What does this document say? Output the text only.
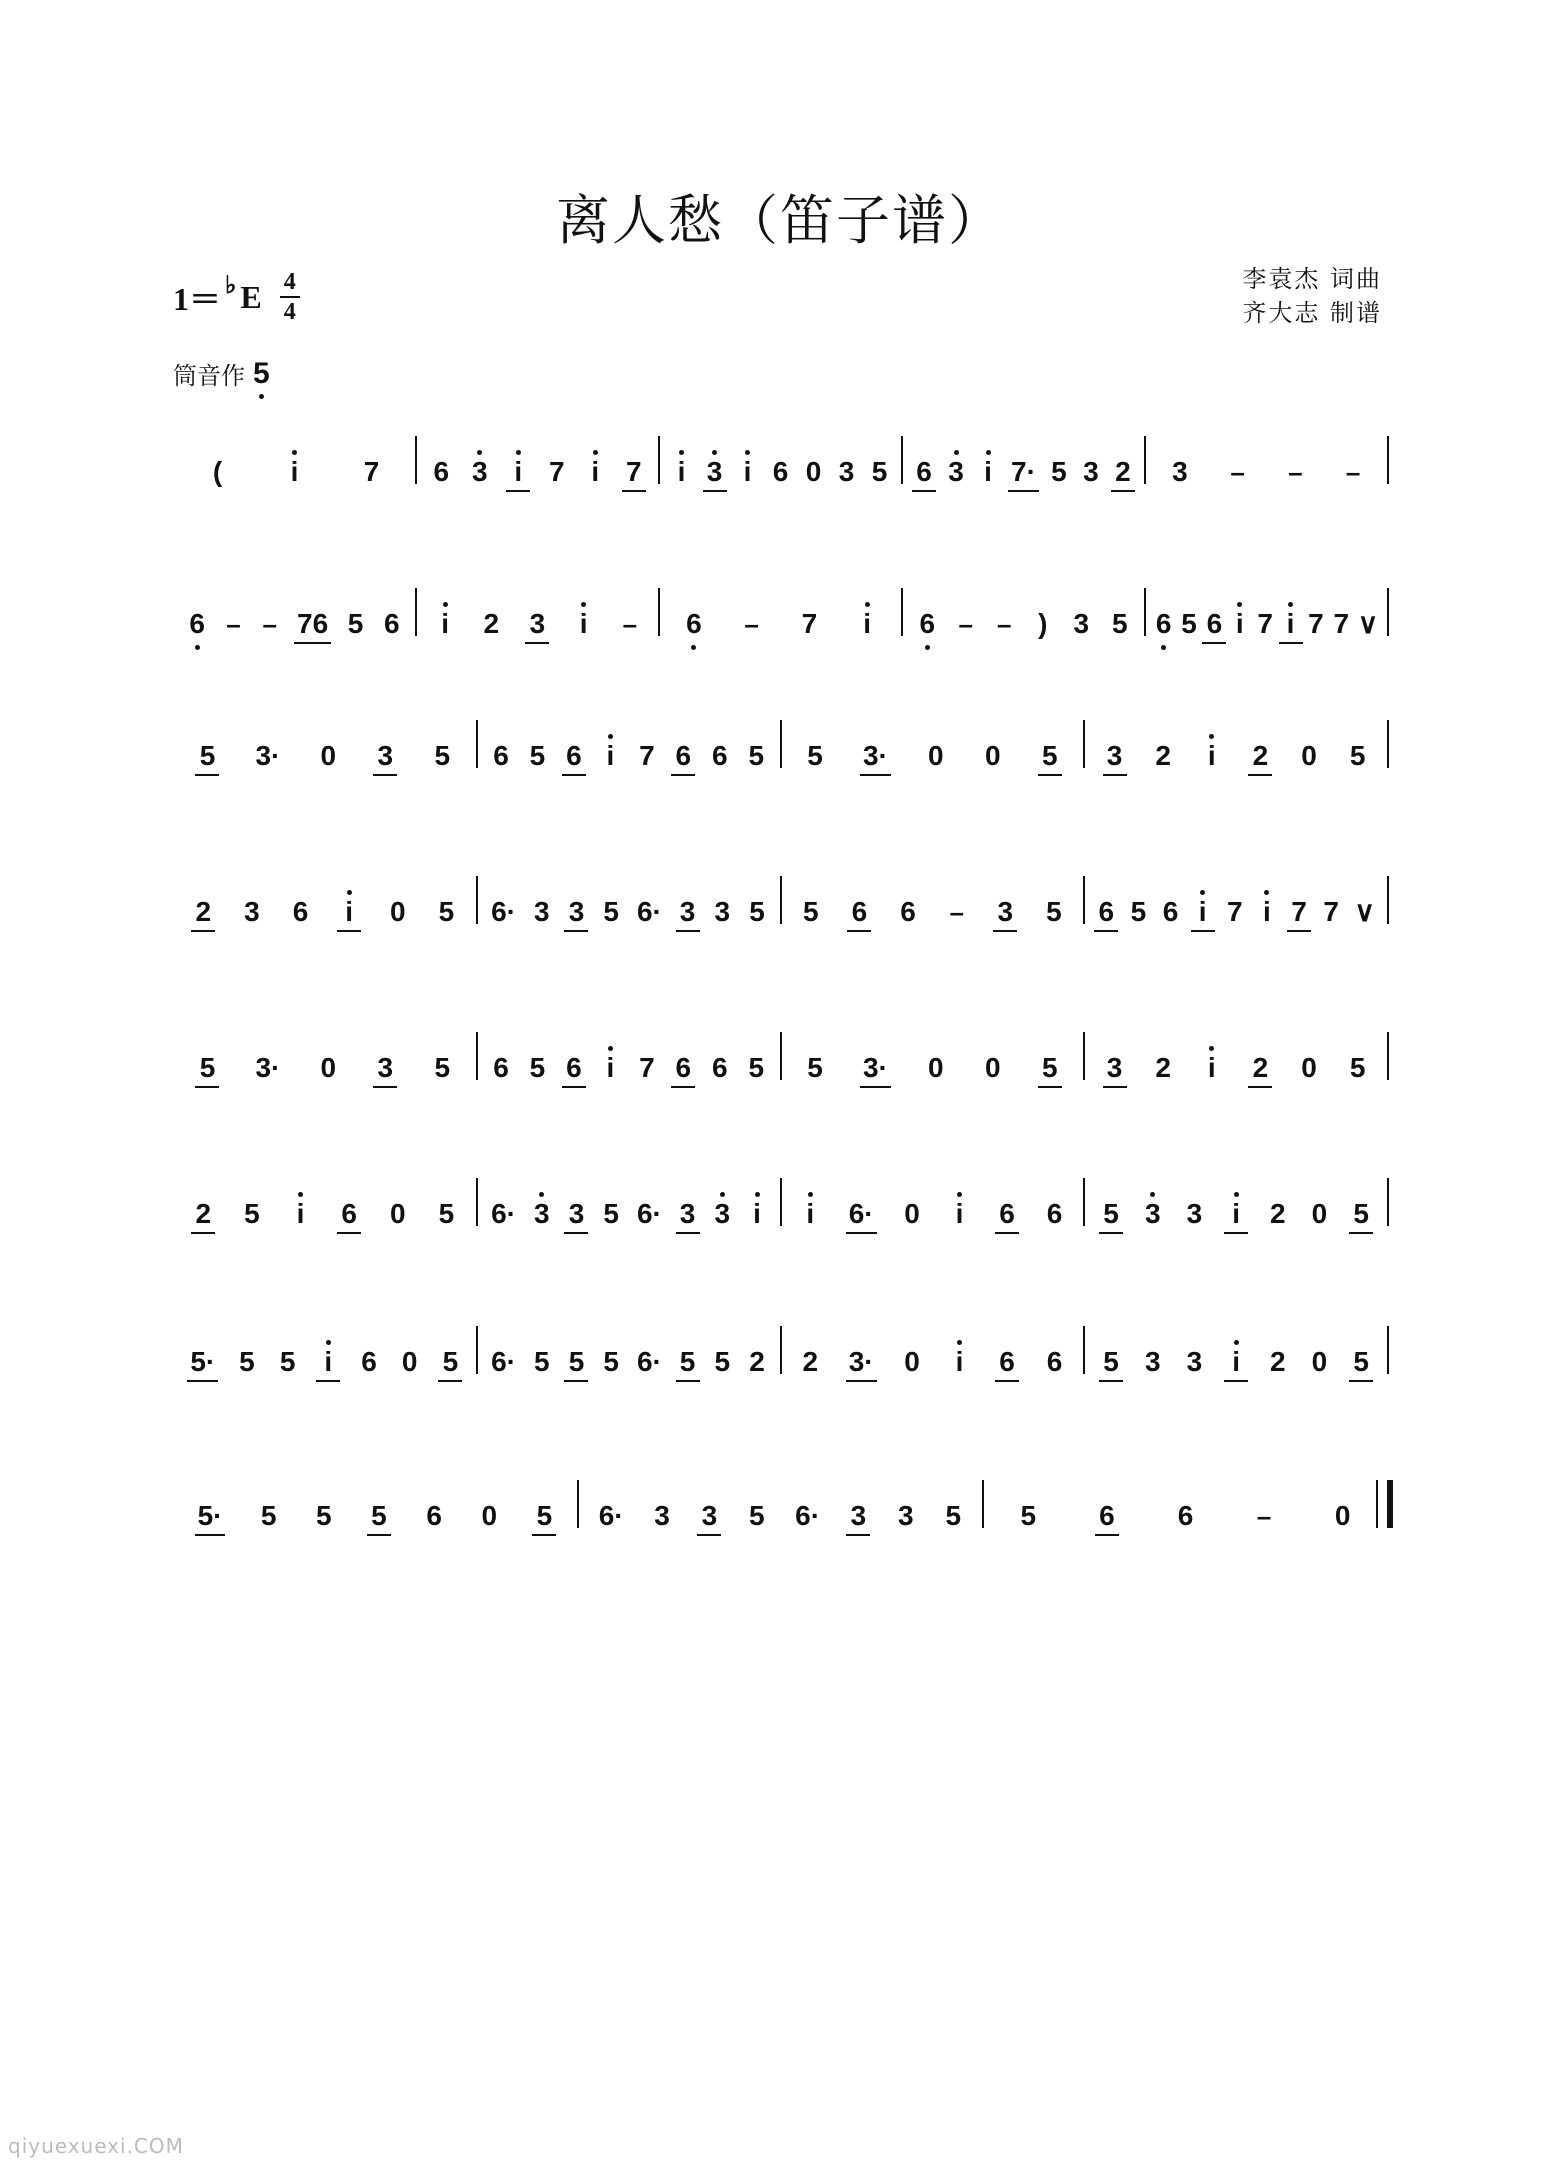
离人愁（笛子谱）
1＝ ♭ E $\frac{4}{4}$	李袁杰 词曲
齐大志 制谱
筒音作 5
( i 7 6 3 i 7 i 7 i 3 i 6 0 3 5 6 3 i 7· 5 3 2 3 – – –
6 – – 76 5 6 i 2 3 i – 6 – 7 i 6 – – ) 3 5 6 5 6 i 7 i 7 7 ∨
5 3· 0 3 5 6 5 6 i 7 6 6 5 5 3· 0 0 5 3 2 i 2 0 5
2 3 6 i 0 5 6· 3 3 5 6· 3 3 5 5 6 6 – 3 5 6 5 6 i 7 i 7 7 ∨
5 3· 0 3 5 6 5 6 i 7 6 6 5 5 3· 0 0 5 3 2 i 2 0 5
2 5 i 6 0 5 6· 3 3 5 6· 3 3 i i 6· 0 i 6 6 5 3 3 i 2 0 5
5· 5 5 i 6 0 5 6· 5 5 5 6· 5 5 2 2 3· 0 i 6 6 5 3 3 i 2 0 5
5· 5 5 5 6 0 5 6· 3 3 5 6· 3 3 5 5 6 6 – 0
qiyuexuexi.COM
